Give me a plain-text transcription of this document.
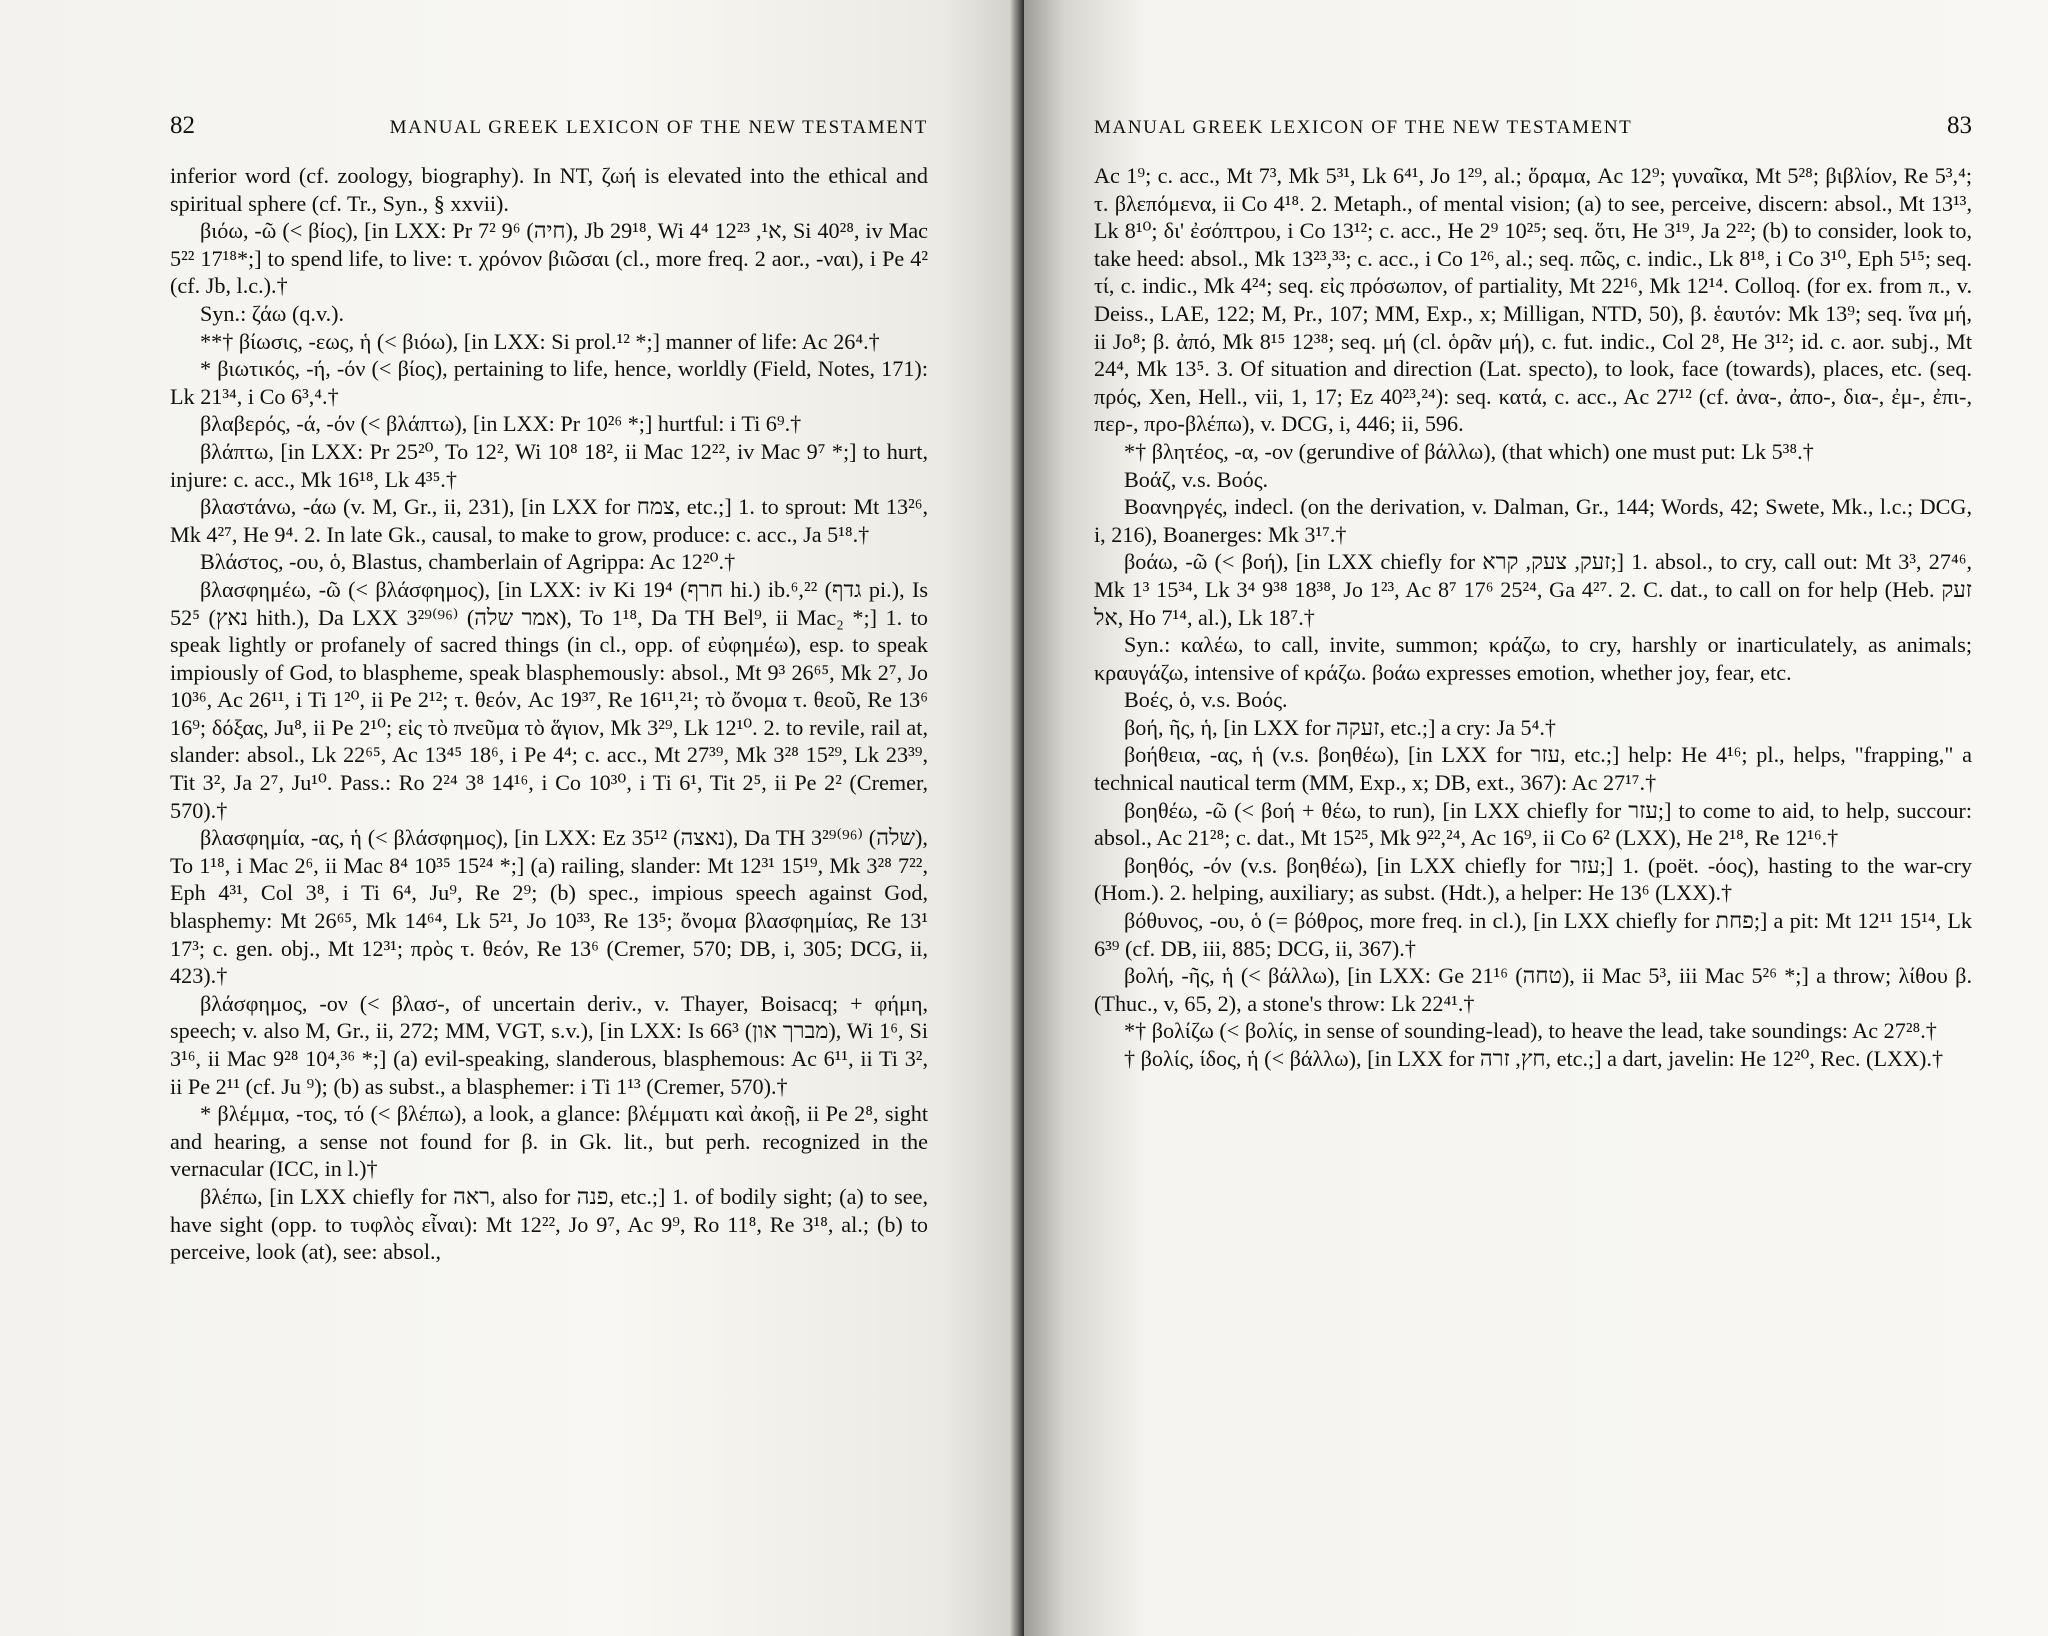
82	MANUAL GREEK LEXICON OF THE NEW TESTAMENT

inferior word (cf. zoology, biography). In NT, ζωή is elevated into the ethical and spiritual sphere (cf. Tr., Syn., § xxvii).

βιόω, -ῶ (< βίος), [in LXX: Pr 7² 9⁶ (חיה), Jb 29¹⁸, Wi 4⁴ א¹, 12²³, Si 40²⁸, iv Mac 5²² 17¹⁸*;] to spend life, to live: τ. χρόνον βιῶσαι (cl., more freq. 2 aor., -ναι), i Pe 4² (cf. Jb, l.c.).†

Syn.: ζάω (q.v.).

**† βίωσις, -εως, ἡ (< βιόω), [in LXX: Si prol.¹² *;] manner of life: Ac 26⁴.†

* βιωτικός, -ή, -όν (< βίος), pertaining to life, hence, worldly (Field, Notes, 171): Lk 21³⁴, i Co 6³,⁴.†

βλαβερός, -ά, -όν (< βλάπτω), [in LXX: Pr 10²⁶ *;] hurtful: i Ti 6⁹.†

βλάπτω, [in LXX: Pr 25²⁰, To 12², Wi 10⁸ 18², ii Mac 12²², iv Mac 9⁷ *;] to hurt, injure: c. acc., Mk 16¹⁸, Lk 4³⁵.†

βλαστάνω, -άω (v. M, Gr., ii, 231), [in LXX for צמח, etc.;] 1. to sprout: Mt 13²⁶, Mk 4²⁷, He 9⁴. 2. In late Gk., causal, to make to grow, produce: c. acc., Ja 5¹⁸.†

Βλάστος, -ου, ὁ, Blastus, chamberlain of Agrippa: Ac 12²⁰.†

βλασφημέω, -ῶ (< βλάσφημος), [in LXX: iv Ki 19⁴ (חרף hi.) ib.⁶,²² (גדף pi.), Is 52⁵ (נאץ hith.), Da LXX 3²⁹⁽⁹⁶⁾ (אמר שלה), To 1¹⁸, Da TH Bel⁹, ii Mac₂ *;] 1. to speak lightly or profanely of sacred things (in cl., opp. of εὐφημέω), esp. to speak impiously of God, to blaspheme, speak blasphemously: absol., Mt 9³ 26⁶⁵, Mk 2⁷, Jo 10³⁶, Ac 26¹¹, i Ti 1²⁰, ii Pe 2¹²; τ. θεόν, Ac 19³⁷, Re 16¹¹,²¹; τὸ ὄνομα τ. θεοῦ, Re 13⁶ 16⁹; δόξας, Ju⁸, ii Pe 2¹⁰; εἰς τὸ πνεῦμα τὸ ἅγιον, Mk 3²⁹, Lk 12¹⁰. 2. to revile, rail at, slander: absol., Lk 22⁶⁵, Ac 13⁴⁵ 18⁶, i Pe 4⁴; c. acc., Mt 27³⁹, Mk 3²⁸ 15²⁹, Lk 23³⁹, Tit 3², Ja 2⁷, Ju¹⁰. Pass.: Ro 2²⁴ 3⁸ 14¹⁶, i Co 10³⁰, i Ti 6¹, Tit 2⁵, ii Pe 2² (Cremer, 570).†

βλασφημία, -ας, ἡ (< βλάσφημος), [in LXX: Ez 35¹² (נאצה), Da TH 3²⁹⁽⁹⁶⁾ (שלה), To 1¹⁸, i Mac 2⁶, ii Mac 8⁴ 10³⁵ 15²⁴ *;] (a) railing, slander: Mt 12³¹ 15¹⁹, Mk 3²⁸ 7²², Eph 4³¹, Col 3⁸, i Ti 6⁴, Ju⁹, Re 2⁹; (b) spec., impious speech against God, blasphemy: Mt 26⁶⁵, Mk 14⁶⁴, Lk 5²¹, Jo 10³³, Re 13⁵; ὄνομα βλασφημίας, Re 13¹ 17³; c. gen. obj., Mt 12³¹; πρὸς τ. θεόν, Re 13⁶ (Cremer, 570; DB, i, 305; DCG, ii, 423).†

βλάσφημος, -ον (< βλασ-, of uncertain deriv., v. Thayer, Boisacq; + φήμη, speech; v. also M, Gr., ii, 272; MM, VGT, s.v.), [in LXX: Is 66³ (מברך און), Wi 1⁶, Si 3¹⁶, ii Mac 9²⁸ 10⁴,³⁶ *;] (a) evil-speaking, slanderous, blasphemous: Ac 6¹¹, ii Ti 3², ii Pe 2¹¹ (cf. Ju ⁹); (b) as subst., a blasphemer: i Ti 1¹³ (Cremer, 570).†

* βλέμμα, -τος, τό (< βλέπω), a look, a glance: βλέμματι καὶ ἀκοῇ, ii Pe 2⁸, sight and hearing, a sense not found for β. in Gk. lit., but perh. recognized in the vernacular (ICC, in l.)†

βλέπω, [in LXX chiefly for ראה, also for פנה, etc.;] 1. of bodily sight; (a) to see, have sight (opp. to τυφλὸς εἶναι): Mt 12²², Jo 9⁷, Ac 9⁹, Ro 11⁸, Re 3¹⁸, al.; (b) to perceive, look (at), see: absol.,

MANUAL GREEK LEXICON OF THE NEW TESTAMENT	83

Ac 1⁹; c. acc., Mt 7³, Mk 5³¹, Lk 6⁴¹, Jo 1²⁹, al.; ὅραμα, Ac 12⁹; γυναῖκα, Mt 5²⁸; βιβλίον, Re 5³,⁴; τ. βλεπόμενα, ii Co 4¹⁸. 2. Metaph., of mental vision; (a) to see, perceive, discern: absol., Mt 13¹³, Lk 8¹⁰; δι' ἐσόπτρου, i Co 13¹²; c. acc., He 2⁹ 10²⁵; seq. ὅτι, He 3¹⁹, Ja 2²²; (b) to consider, look to, take heed: absol., Mk 13²³,³³; c. acc., i Co 1²⁶, al.; seq. πῶς, c. indic., Lk 8¹⁸, i Co 3¹⁰, Eph 5¹⁵; seq. τί, c. indic., Mk 4²⁴; seq. εἰς πρόσωπον, of partiality, Mt 22¹⁶, Mk 12¹⁴. Colloq. (for ex. from π., v. Deiss., LAE, 122; M, Pr., 107; MM, Exp., x; Milligan, NTD, 50), β. ἑαυτόν: Mk 13⁹; seq. ἵνα μή, ii Jo⁸; β. ἀπό, Mk 8¹⁵ 12³⁸; seq. μή (cl. ὁρᾶν μή), c. fut. indic., Col 2⁸, He 3¹²; id. c. aor. subj., Mt 24⁴, Mk 13⁵. 3. Of situation and direction (Lat. specto), to look, face (towards), places, etc. (seq. πρός, Xen, Hell., vii, 1, 17; Ez 40²³,²⁴): seq. κατά, c. acc., Ac 27¹² (cf. ἀνα-, ἀπο-, δια-, ἐμ-, ἐπι-, περ-, προ-βλέπω), v. DCG, i, 446; ii, 596.

*† βλητέος, -α, -ον (gerundive of βάλλω), (that which) one must put: Lk 5³⁸.†

Βοάζ, v.s. Βοός.

Βοανηργές, indecl. (on the derivation, v. Dalman, Gr., 144; Words, 42; Swete, Mk., l.c.; DCG, i, 216), Boanerges: Mk 3¹⁷.†

βοάω, -ῶ (< βοή), [in LXX chiefly for זעק, צעק, קרא;] 1. absol., to cry, call out: Mt 3³, 27⁴⁶, Mk 1³ 15³⁴, Lk 3⁴ 9³⁸ 18³⁸, Jo 1²³, Ac 8⁷ 17⁶ 25²⁴, Ga 4²⁷. 2. C. dat., to call on for help (Heb. זעק אל, Ho 7¹⁴, al.), Lk 18⁷.†

Syn.: καλέω, to call, invite, summon; κράζω, to cry, harshly or inarticulately, as animals; κραυγάζω, intensive of κράζω. βοάω expresses emotion, whether joy, fear, etc.

Βοές, ὁ, v.s. Βοός.

βοή, ῆς, ἡ, [in LXX for זעקה, etc.;] a cry: Ja 5⁴.†

βοήθεια, -ας, ἡ (v.s. βοηθέω), [in LXX for עזר, etc.;] help: He 4¹⁶; pl., helps, "frapping," a technical nautical term (MM, Exp., x; DB, ext., 367): Ac 27¹⁷.†

βοηθέω, -ῶ (< βοή + θέω, to run), [in LXX chiefly for עזר;] to come to aid, to help, succour: absol., Ac 21²⁸; c. dat., Mt 15²⁵, Mk 9²²,²⁴, Ac 16⁹, ii Co 6² (LXX), He 2¹⁸, Re 12¹⁶.†

βοηθός, -όν (v.s. βοηθέω), [in LXX chiefly for עזר;] 1. (poët. -όος), hasting to the war-cry (Hom.). 2. helping, auxiliary; as subst. (Hdt.), a helper: He 13⁶ (LXX).†

βόθυνος, -ου, ὁ (= βόθρος, more freq. in cl.), [in LXX chiefly for פחת;] a pit: Mt 12¹¹ 15¹⁴, Lk 6³⁹ (cf. DB, iii, 885; DCG, ii, 367).†

βολή, -ῆς, ἡ (< βάλλω), [in LXX: Ge 21¹⁶ (טחה), ii Mac 5³, iii Mac 5²⁶ *;] a throw; λίθου β. (Thuc., v, 65, 2), a stone's throw: Lk 22⁴¹.†

*† βολίζω (< βολίς, in sense of sounding-lead), to heave the lead, take soundings: Ac 27²⁸.†

† βολίς, ίδος, ἡ (< βάλλω), [in LXX for חץ, זרה, etc.;] a dart, javelin: He 12²⁰, Rec. (LXX).†
